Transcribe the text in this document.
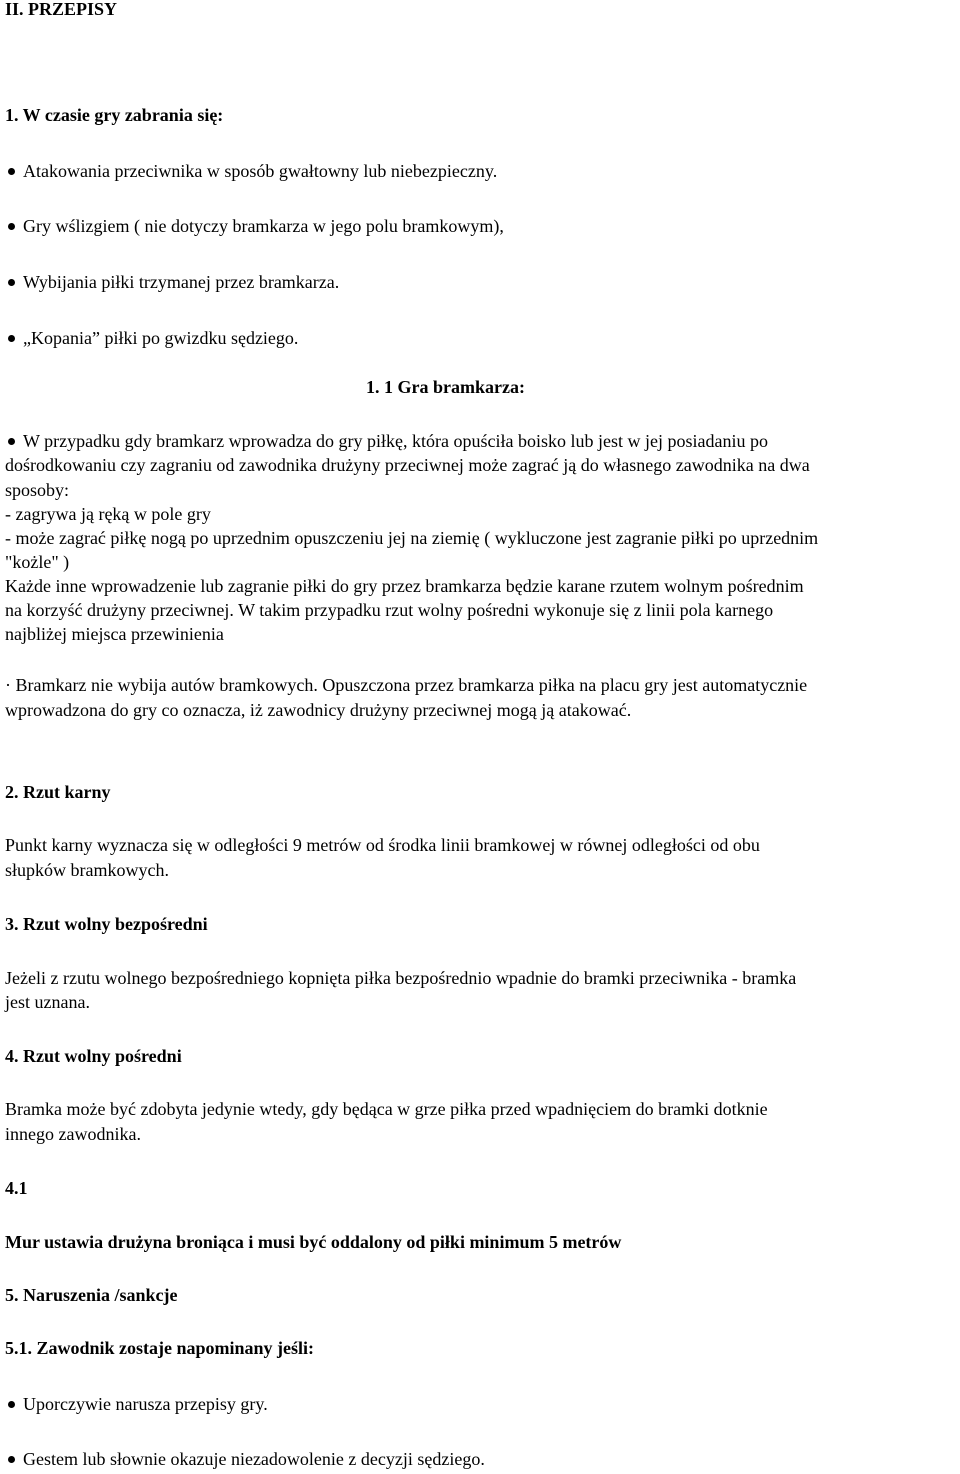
II. PRZEPISY
1. W czasie gry zabrania się:
Atakowania przeciwnika w sposób gwałtowny lub niebezpieczny.
Gry wślizgiem ( nie dotyczy bramkarza w jego polu bramkowym),
Wybijania piłki trzymanej przez bramkarza.
„Kopania” piłki po gwizdku sędziego.
1. 1 Gra bramkarza:
W przypadku gdy bramkarz wprowadza do gry piłkę, która opuściła boisko lub jest w jej posiadaniu po
dośrodkowaniu czy zagraniu od zawodnika drużyny przeciwnej może zagrać ją do własnego zawodnika na dwa
sposoby:
- zagrywa ją ręką w pole gry
- może zagrać piłkę nogą po uprzednim opuszczeniu jej na ziemię ( wykluczone jest zagranie piłki po uprzednim
"kożle" )
Każde inne wprowadzenie lub zagranie piłki do gry przez bramkarza będzie karane rzutem wolnym pośrednim
na korzyść drużyny przeciwnej. W takim przypadku rzut wolny pośredni wykonuje się z linii pola karnego
najbliżej miejsca przewinienia
· Bramkarz nie wybija autów bramkowych. Opuszczona przez bramkarza piłka na placu gry jest automatycznie
wprowadzona do gry co oznacza, iż zawodnicy drużyny przeciwnej mogą ją atakować.
2. Rzut karny
Punkt karny wyznacza się w odległości 9 metrów od środka linii bramkowej w równej odległości od obu
słupków bramkowych.
3. Rzut wolny bezpośredni
Jeżeli z rzutu wolnego bezpośredniego kopnięta piłka bezpośrednio wpadnie do bramki przeciwnika - bramka
jest uznana.
4. Rzut wolny pośredni
Bramka może być zdobyta jedynie wtedy, gdy będąca w grze piłka przed wpadnięciem do bramki dotknie
innego zawodnika.
4.1
Mur ustawia drużyna broniąca i musi być oddalony od piłki minimum 5 metrów
5. Naruszenia /sankcje
5.1. Zawodnik zostaje napominany jeśli:
Uporczywie narusza przepisy gry.
Gestem lub słownie okazuje niezadowolenie z decyzji sędziego.
